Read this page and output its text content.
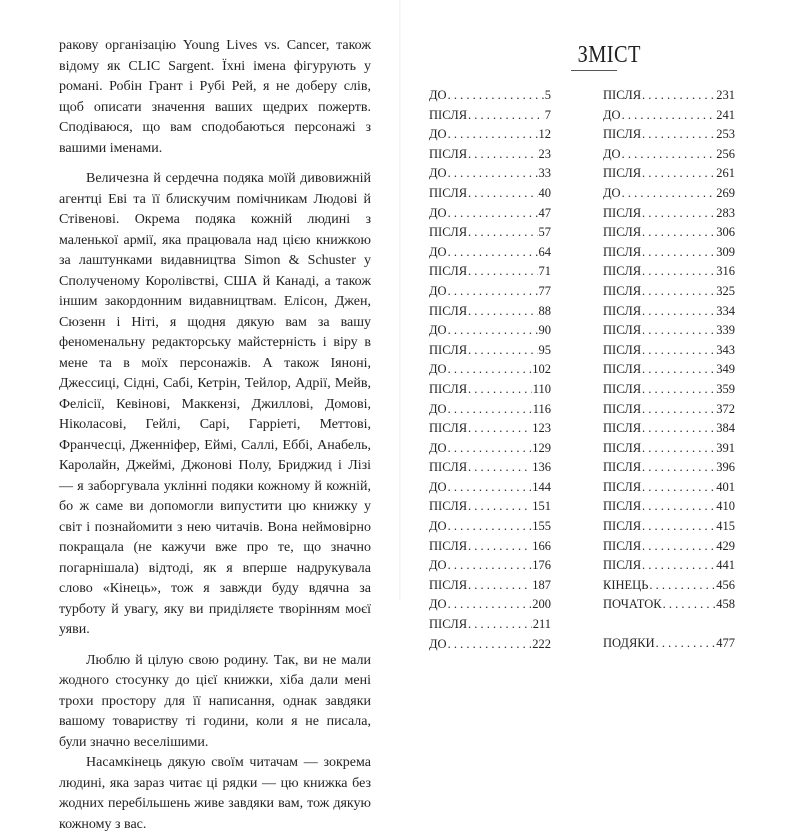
ракову організацію Young Lives vs. Cancer, також відому як CLIC Sargent. Їхні імена фігурують у романі. Робін Грант і Рубі Рей, я не доберу слів, щоб описати значення ваших щедрих пожертв. Сподіваюся, що вам сподобаються персонажі з вашими іменами.

Величезна й сердечна подяка моїй дивовижній агентці Еві та її блискучим помічникам Людові й Стівенові. Окрема подяка кожній людині з маленької армії, яка працювала над цією книжкою за лаштунками видавництва Simon & Schuster у Сполученому Королівстві, США й Канаді, а також іншим закордонним видавництвам. Елісон, Джен, Сюзенн і Ніті, я щодня дякую вам за вашу феноменальну редакторську майстерність і віру в мене та в моїх персонажів. А також Іяноні, Джессиці, Сідні, Сабі, Кетрін, Тейлор, Адрії, Мейв, Фелісії, Кевінові, Маккензі, Джиллові, Домові, Ніколасові, Гейлі, Сарі, Гарріеті, Меттові, Франчесці, Дженніфер, Еймі, Саллі, Еббі, Анабель, Каролайн, Джеймі, Джонові Полу, Бриджид і Лізі — я заборгувала уклінні подяки кожному й кожній, бо ж саме ви допомогли випустити цю книжку у світ і познайомити з нею читачів. Вона неймовірно покращала (не кажучи вже про те, що значно погарнішала) відтоді, як я вперше надрукувала слово «Кінець», тож я завжди буду вдячна за турботу й увагу, яку ви приділяєте творінням моєї уяви.

Люблю й цілую свою родину. Так, ви не мали жодного стосунку до цієї книжки, хіба дали мені трохи простору для її написання, однак завдяки вашому товариству ті години, коли я не писала, були значно веселішими.

Насамкінець дякую своїм читачам — зокрема людині, яка зараз читає ці рядки — цю книжка без жодних перебільшень живе завдяки вам, тож дякую кожному з вас.

ЗМІСТ
ДО . . .	5
ПІСЛЯ . . .	7
ДО . . .	12
ПІСЛЯ . . .	23
ДО . . .	33
ПІСЛЯ . . .	40
ДО . . .	47
ПІСЛЯ . . .	57
ДО . . .	64
ПІСЛЯ . . .	71
ДО . . .	77
ПІСЛЯ . . .	88
ДО . . .	90
ПІСЛЯ . . .	95
ДО . . .	102
ПІСЛЯ . . .	110
ДО . . .	116
ПІСЛЯ . . .	123
ДО . . .	129
ПІСЛЯ . . .	136
ДО . . .	144
ПІСЛЯ . . .	151
ДО . . .	155
ПІСЛЯ . . .	166
ДО . . .	176
ПІСЛЯ . . .	187
ДО . . .	200
ПІСЛЯ . . .	211
ДО . . .	222
ПІСЛЯ . . .	231
ДО . . .	241
ПІСЛЯ . . .	253
ДО . . .	256
ПІСЛЯ . . .	261
ДО . . .	269
ПІСЛЯ . . .	283
ПІСЛЯ . . .	306
ПІСЛЯ . . .	309
ПІСЛЯ . . .	316
ПІСЛЯ . . .	325
ПІСЛЯ . . .	334
ПІСЛЯ . . .	339
ПІСЛЯ . . .	343
ПІСЛЯ . . .	349
ПІСЛЯ . . .	359
ПІСЛЯ . . .	372
ПІСЛЯ . . .	384
ПІСЛЯ . . .	391
ПІСЛЯ . . .	396
ПІСЛЯ . . .	401
ПІСЛЯ . . .	410
ПІСЛЯ . . .	415
ПІСЛЯ . . .	429
ПІСЛЯ . . .	441
КІНЕЦЬ . . .	456
ПОЧАТОК . . .	458
ПОДЯКИ . . .	477
